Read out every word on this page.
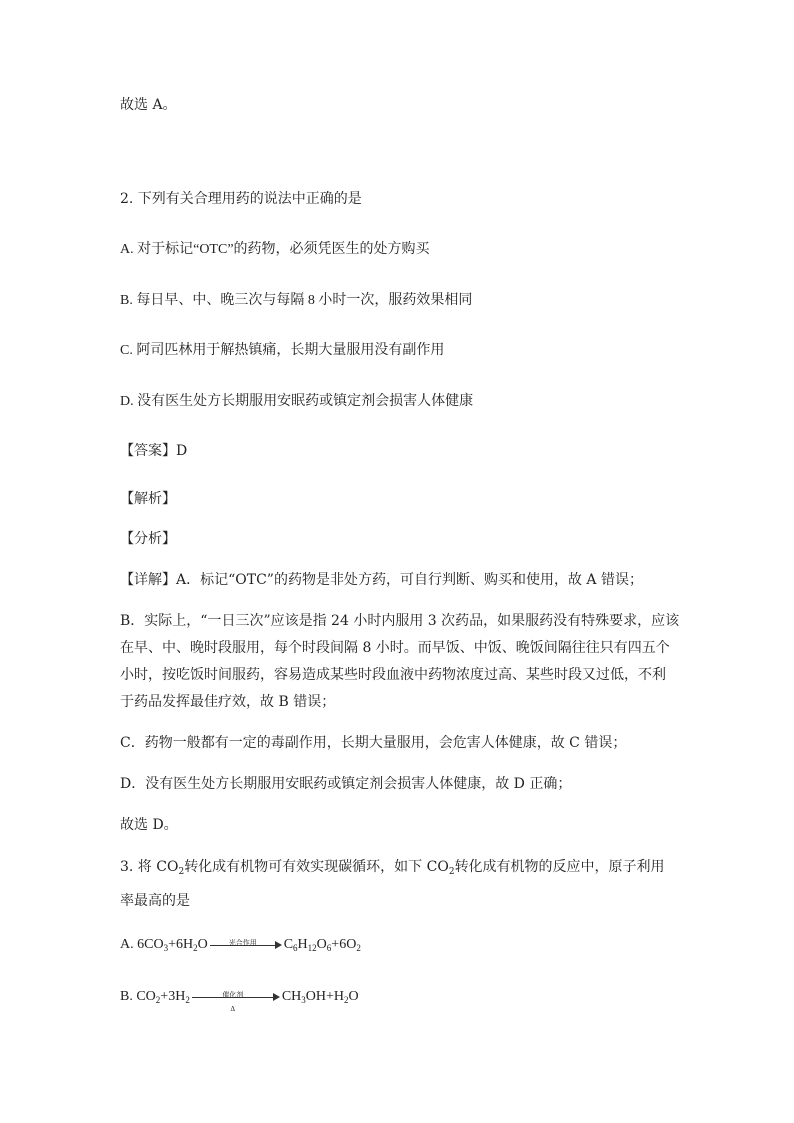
故选 A。
2. 下列有关合理用药的说法中正确的是
A. 对于标记“OTC”的药物，必须凭医生的处方购买
B. 每日早、中、晚三次与每隔 8 小时一次，服药效果相同
C. 阿司匹林用于解热镇痛，长期大量服用没有副作用
D. 没有医生处方长期服用安眠药或镇定剂会损害人体健康
【答案】D
【解析】
【分析】
【详解】A．标记“OTC”的药物是非处方药，可自行判断、购买和使用，故 A 错误；
B．实际上，“一日三次”应该是指 24 小时内服用 3 次药品，如果服药没有特殊要求，应该
在早、中、晚时段服用，每个时段间隔 8 小时。而早饭、中饭、晚饭间隔往往只有四五个
小时，按吃饭时间服药，容易造成某些时段血液中药物浓度过高、某些时段又过低，不利
于药品发挥最佳疗效，故 B 错误；
C．药物一般都有一定的毒副作用，长期大量服用，会危害人体健康，故 C 错误；
D．没有医生处方长期服用安眠药或镇定剂会损害人体健康，故 D 正确；
故选 D。
3. 将 $CO_2$转化成有机物可有效实现碳循环，如下 $CO_2$转化成有机物的反应中，原子利用
率最高的是
A. $6CO_3+6H_2O$	光合作用	$C_6H_{12}O_6+6O_2$
B. $CO_2+3H_2$
催化剂
Δ
$CH_3OH+H_2O$
